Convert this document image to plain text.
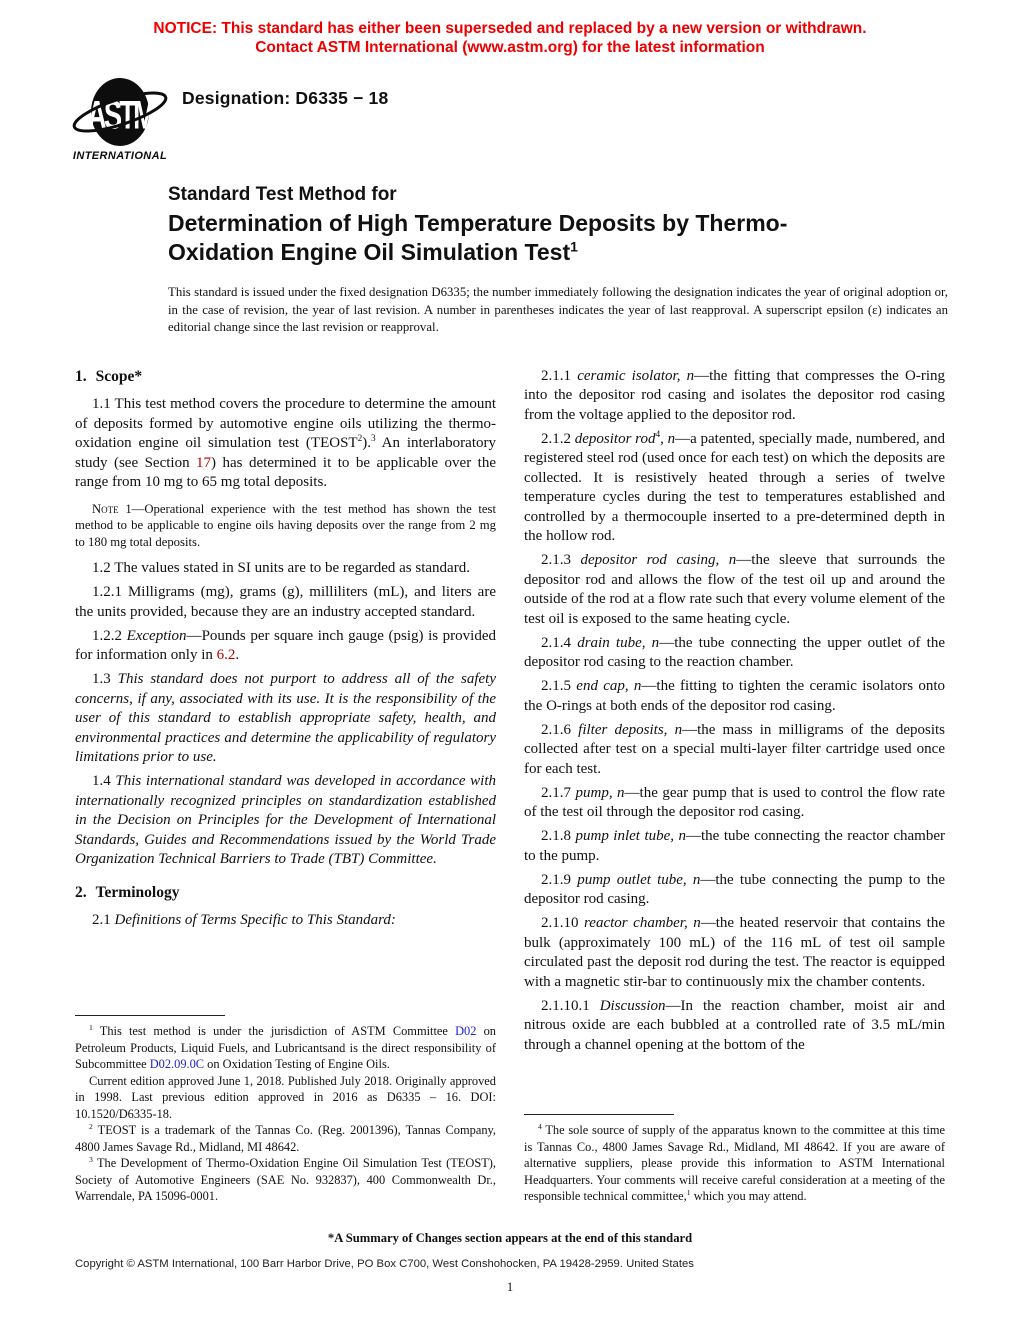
NOTICE: This standard has either been superseded and replaced by a new version or withdrawn.
Contact ASTM International (www.astm.org) for the latest information
ASTM
INTERNATIONAL
Designation: D6335 − 18
Standard Test Method for
Determination of High Temperature Deposits by Thermo-Oxidation Engine Oil Simulation Test$^1$

This standard is issued under the fixed designation D6335; the number immediately following the designation indicates the year of original adoption or, in the case of revision, the year of last revision. A number in parentheses indicates the year of last reapproval. A superscript epsilon (ε) indicates an editorial change since the last revision or reapproval.

1. Scope*

1.1 This test method covers the procedure to determine the amount of deposits formed by automotive engine oils utilizing the thermo-oxidation engine oil simulation test (TEOST$^2$).$^3$ An interlaboratory study (see Section 17) has determined it to be applicable over the range from 10 mg to 65 mg total deposits.

Note 1—Operational experience with the test method has shown the test method to be applicable to engine oils having deposits over the range from 2 mg to 180 mg total deposits.

1.2 The values stated in SI units are to be regarded as standard.

1.2.1 Milligrams (mg), grams (g), milliliters (mL), and liters are the units provided, because they are an industry accepted standard.

1.2.2 Exception—Pounds per square inch gauge (psig) is provided for information only in 6.2.

1.3 This standard does not purport to address all of the safety concerns, if any, associated with its use. It is the responsibility of the user of this standard to establish appropriate safety, health, and environmental practices and determine the applicability of regulatory limitations prior to use.

1.4 This international standard was developed in accordance with internationally recognized principles on standardization established in the Decision on Principles for the Development of International Standards, Guides and Recommendations issued by the World Trade Organization Technical Barriers to Trade (TBT) Committee.

2. Terminology

2.1 Definitions of Terms Specific to This Standard:

$^1$ This test method is under the jurisdiction of ASTM Committee D02 on Petroleum Products, Liquid Fuels, and Lubricantsand is the direct responsibility of Subcommittee D02.09.0C on Oxidation Testing of Engine Oils.

Current edition approved June 1, 2018. Published July 2018. Originally approved in 1998. Last previous edition approved in 2016 as D6335 – 16. DOI: 10.1520/D6335-18.

$^2$ TEOST is a trademark of the Tannas Co. (Reg. 2001396), Tannas Company, 4800 James Savage Rd., Midland, MI 48642.

$^3$ The Development of Thermo-Oxidation Engine Oil Simulation Test (TEOST), Society of Automotive Engineers (SAE No. 932837), 400 Commonwealth Dr., Warrendale, PA 15096-0001.

2.1.1 ceramic isolator, n—the fitting that compresses the O-ring into the depositor rod casing and isolates the depositor rod casing from the voltage applied to the depositor rod.

2.1.2 depositor rod$^4$, n—a patented, specially made, numbered, and registered steel rod (used once for each test) on which the deposits are collected. It is resistively heated through a series of twelve temperature cycles during the test to temperatures established and controlled by a thermocouple inserted to a pre-determined depth in the hollow rod.

2.1.3 depositor rod casing, n—the sleeve that surrounds the depositor rod and allows the flow of the test oil up and around the outside of the rod at a flow rate such that every volume element of the test oil is exposed to the same heating cycle.

2.1.4 drain tube, n—the tube connecting the upper outlet of the depositor rod casing to the reaction chamber.

2.1.5 end cap, n—the fitting to tighten the ceramic isolators onto the O-rings at both ends of the depositor rod casing.

2.1.6 filter deposits, n—the mass in milligrams of the deposits collected after test on a special multi-layer filter cartridge used once for each test.

2.1.7 pump, n—the gear pump that is used to control the flow rate of the test oil through the depositor rod casing.

2.1.8 pump inlet tube, n—the tube connecting the reactor chamber to the pump.

2.1.9 pump outlet tube, n—the tube connecting the pump to the depositor rod casing.

2.1.10 reactor chamber, n—the heated reservoir that contains the bulk (approximately 100 mL) of the 116 mL of test oil sample circulated past the deposit rod during the test. The reactor is equipped with a magnetic stir-bar to continuously mix the chamber contents.

2.1.10.1 Discussion—In the reaction chamber, moist air and nitrous oxide are each bubbled at a controlled rate of 3.5 mL/min through a channel opening at the bottom of the

$^4$ The sole source of supply of the apparatus known to the committee at this time is Tannas Co., 4800 James Savage Rd., Midland, MI 48642. If you are aware of alternative suppliers, please provide this information to ASTM International Headquarters. Your comments will receive careful consideration at a meeting of the responsible technical committee,$^1$ which you may attend.

*A Summary of Changes section appears at the end of this standard
Copyright © ASTM International, 100 Barr Harbor Drive, PO Box C700, West Conshohocken, PA 19428-2959. United States
1
